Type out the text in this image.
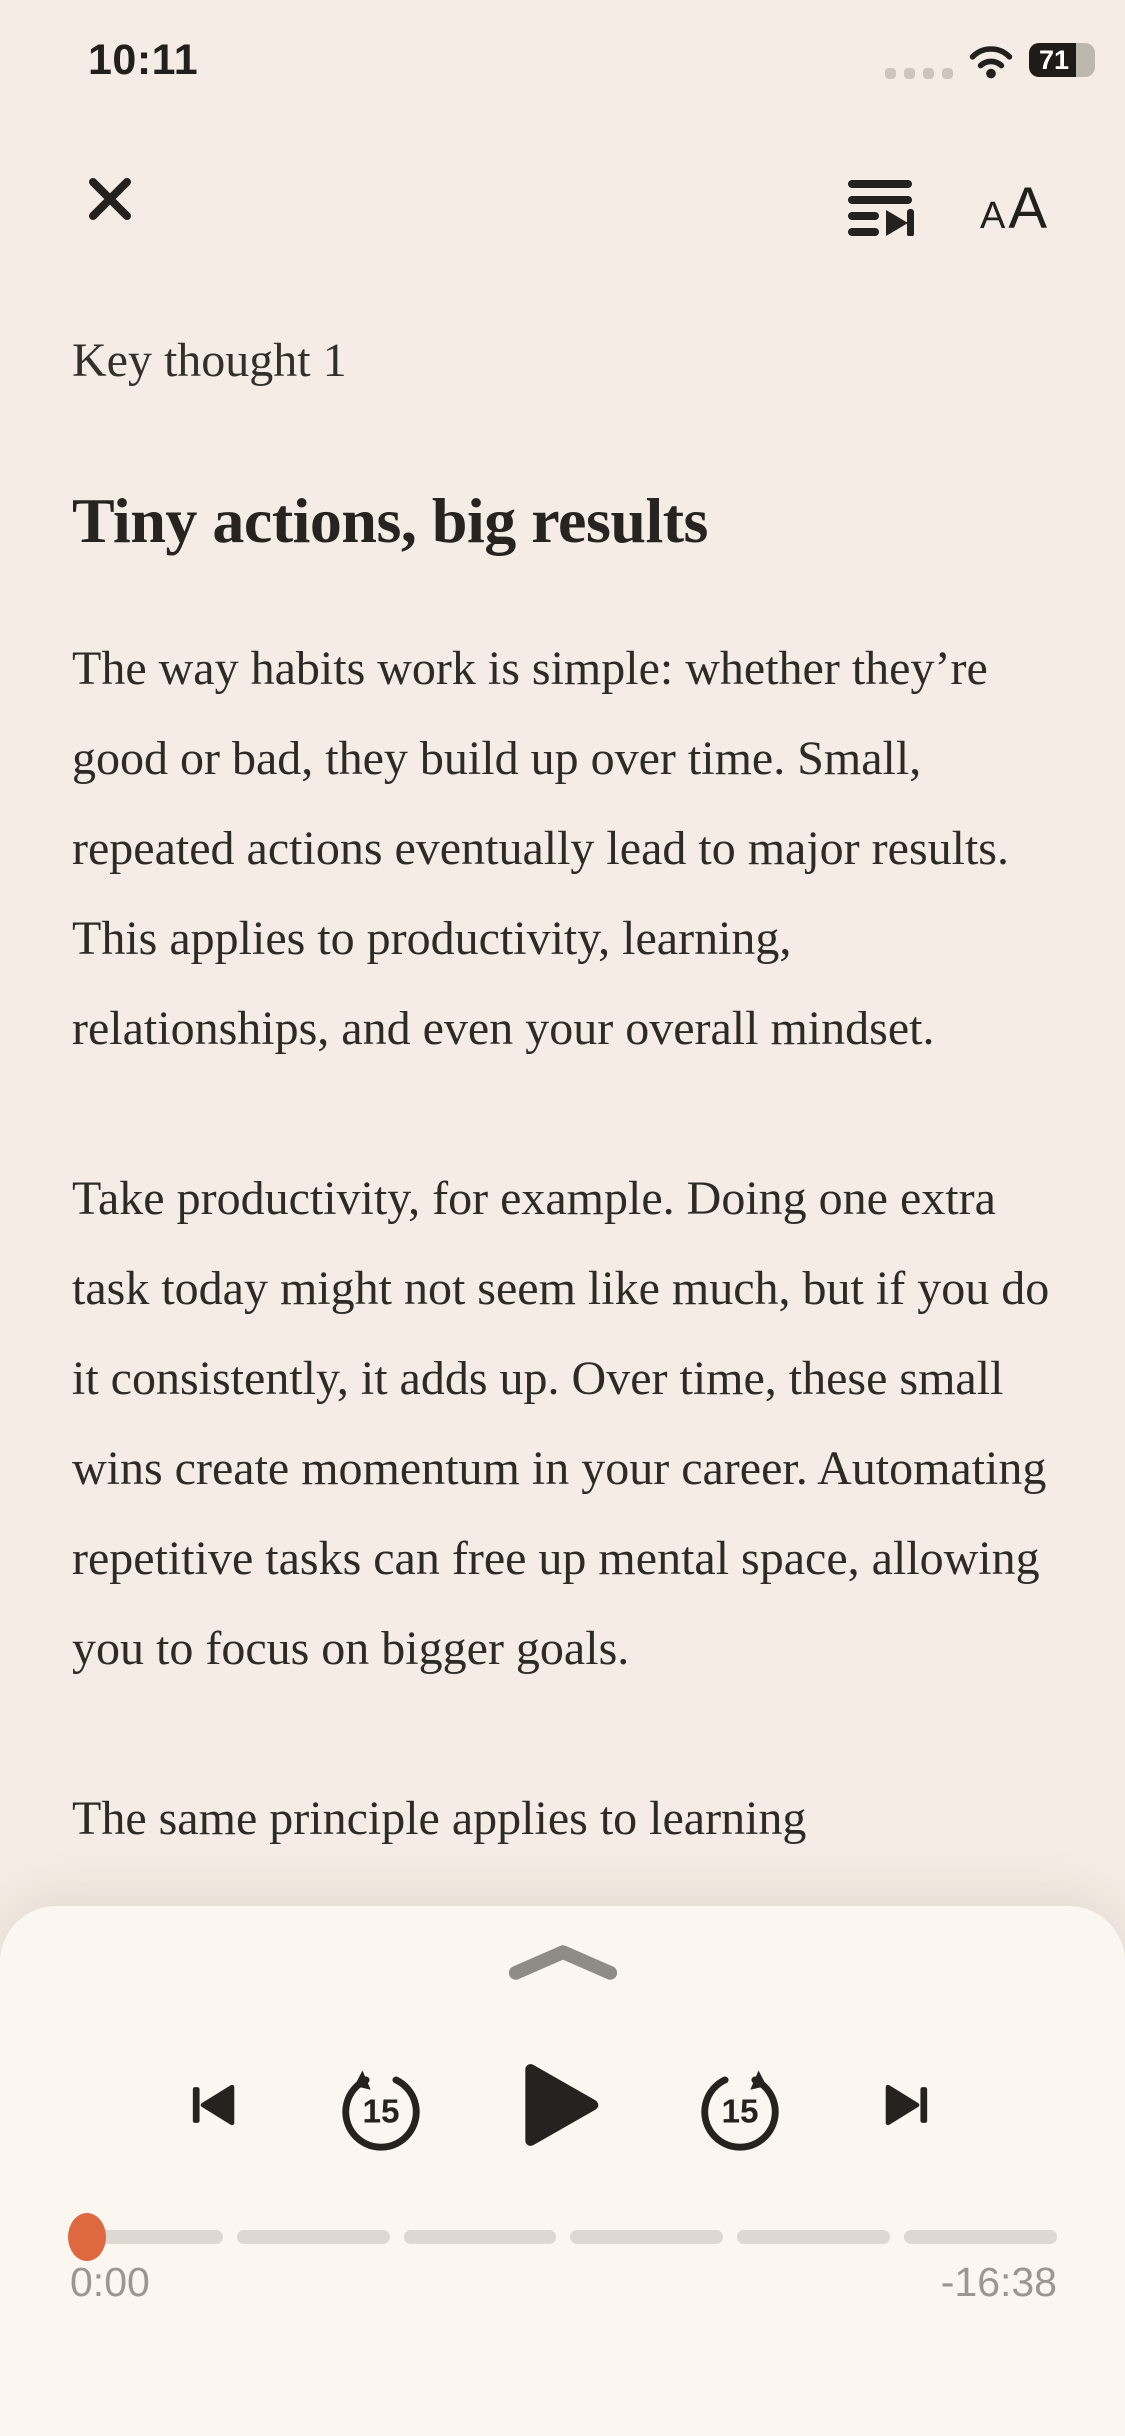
10:11	71
A A

Key thought 1

Tiny actions, big results

The way habits work is simple: whether they’re good or bad, they build up over time. Small, repeated actions eventually lead to major results. This applies to productivity, learning, relationships, and even your overall mindset.

Take productivity, for example. Doing one extra task today might not seem like much, but if you do it consistently, it adds up. Over time, these small wins create momentum in your career. Automating repetitive tasks can free up mental space, allowing you to focus on bigger goals.

The same principle applies to learning

15	15
0:00	-16:38
